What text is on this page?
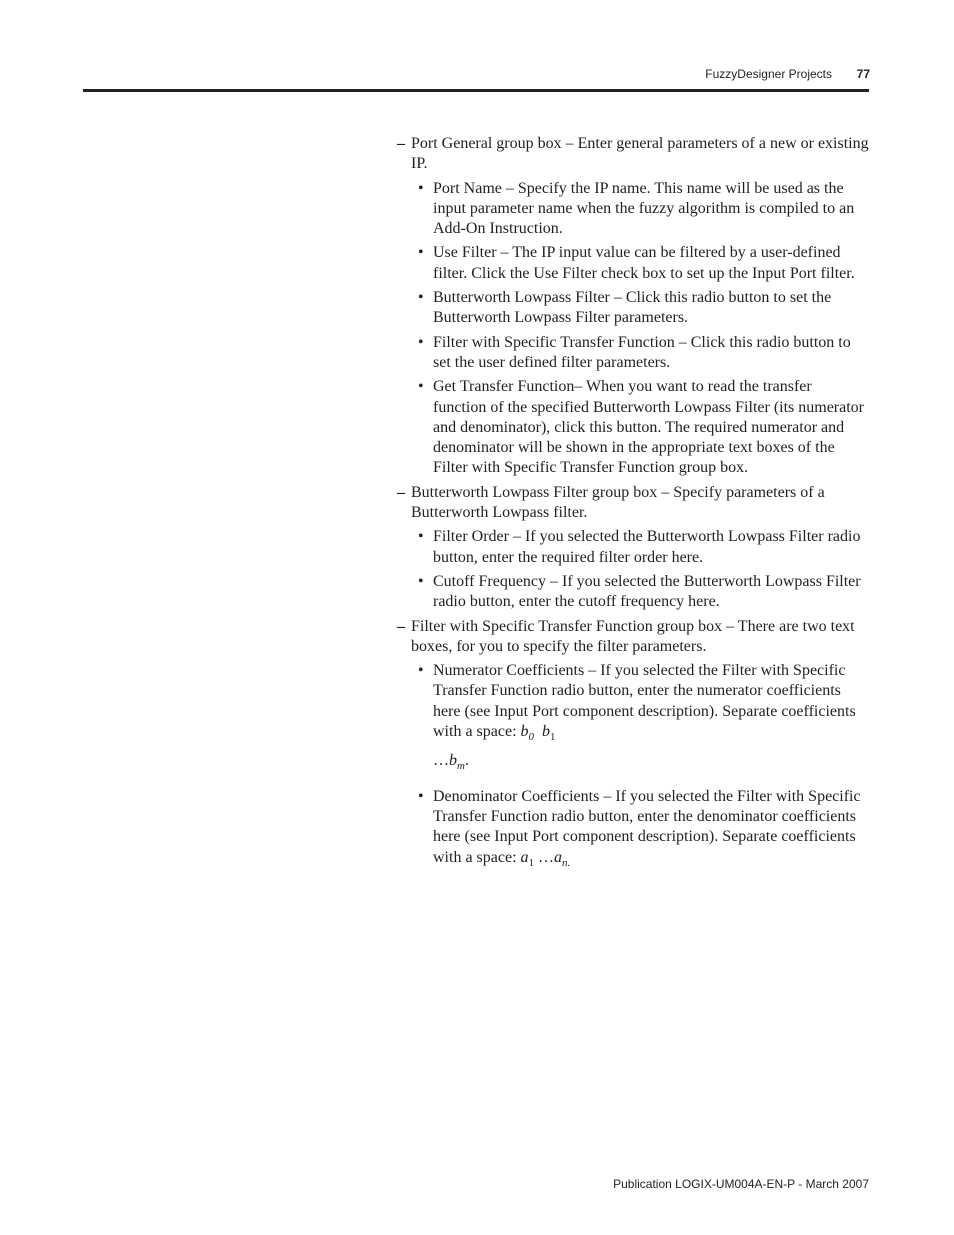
FuzzyDesigner Projects	77
– Port General group box – Enter general parameters of a new or existing IP.
• Port Name – Specify the IP name. This name will be used as the input parameter name when the fuzzy algorithm is compiled to an Add-On Instruction.
• Use Filter – The IP input value can be filtered by a user-defined filter. Click the Use Filter check box to set up the Input Port filter.
• Butterworth Lowpass Filter – Click this radio button to set the Butterworth Lowpass Filter parameters.
• Filter with Specific Transfer Function – Click this radio button to set the user defined filter parameters.
• Get Transfer Function– When you want to read the transfer function of the specified Butterworth Lowpass Filter (its numerator and denominator), click this button. The required numerator and denominator will be shown in the appropriate text boxes of the Filter with Specific Transfer Function group box.
– Butterworth Lowpass Filter group box – Specify parameters of a Butterworth Lowpass filter.
• Filter Order – If you selected the Butterworth Lowpass Filter radio button, enter the required filter order here.
• Cutoff Frequency – If you selected the Butterworth Lowpass Filter radio button, enter the cutoff frequency here.
– Filter with Specific Transfer Function group box – There are two text boxes, for you to specify the filter parameters.
• Numerator Coefficients – If you selected the Filter with Specific Transfer Function radio button, enter the numerator coefficients here (see Input Port component description). Separate coefficients with a space: $b_0$ $b_1$
$\dots b_m$.
• Denominator Coefficients – If you selected the Filter with Specific Transfer Function radio button, enter the denominator coefficients here (see Input Port component description). Separate coefficients with a space: $a_1$ $\dots a_{n.}$
Publication LOGIX-UM004A-EN-P - March 2007
